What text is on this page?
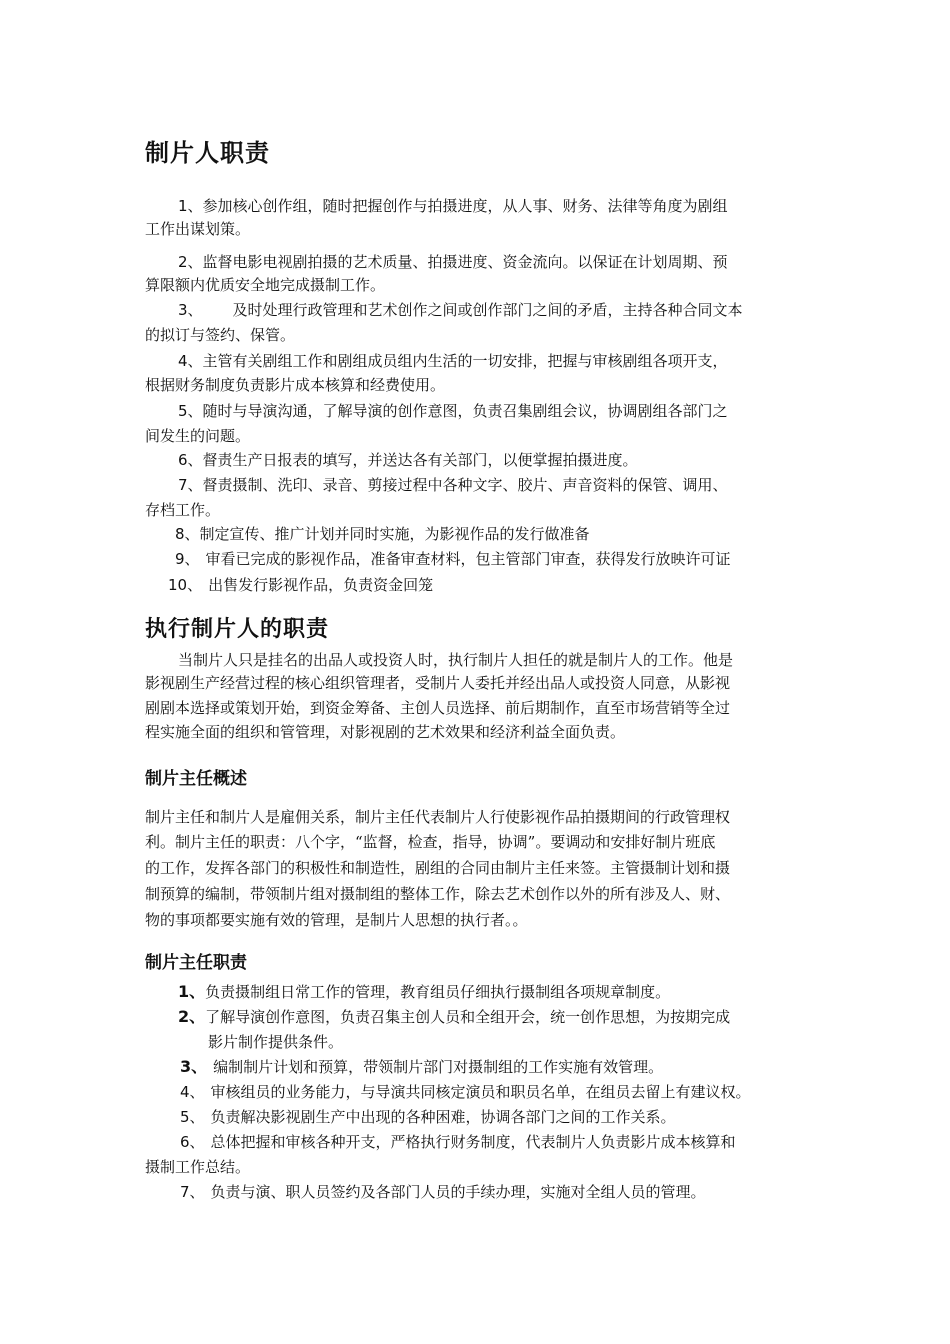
制片人职责
1、参加核心创作组，随时把握创作与拍摄进度，从人事、财务、法律等角度为剧组
工作出谋划策。
2、监督电影电视剧拍摄的艺术质量、拍摄进度、资金流向。以保证在计划周期、预
算限额内优质安全地完成摄制工作。
3、 及时处理行政管理和艺术创作之间或创作部门之间的矛盾，主持各种合同文本
的拟订与签约、保管。
4、主管有关剧组工作和剧组成员组内生活的一切安排，把握与审核剧组各项开支，
根据财务制度负责影片成本核算和经费使用。
5、随时与导演沟通，了解导演的创作意图，负责召集剧组会议，协调剧组各部门之
间发生的问题。
6、督责生产日报表的填写，并送达各有关部门，以便掌握拍摄进度。
7、督责摄制、洗印、录音、剪接过程中各种文字、胶片、声音资料的保管、调用、
存档工作。
8、制定宣传、推广计划并同时实施，为影视作品的发行做准备
9、 审看已完成的影视作品，准备审查材料，包主管部门审查，获得发行放映许可证
10、 出售发行影视作品，负责资金回笼
执行制片人的职责
当制片人只是挂名的出品人或投资人时，执行制片人担任的就是制片人的工作。他是
影视剧生产经营过程的核心组织管理者，受制片人委托并经出品人或投资人同意，从影视
剧剧本选择或策划开始，到资金筹备、主创人员选择、前后期制作，直至市场营销等全过
程实施全面的组织和管管理，对影视剧的艺术效果和经济利益全面负责。
制片主任概述
制片主任和制片人是雇佣关系，制片主任代表制片人行使影视作品拍摄期间的行政管理权
利。制片主任的职责：八个字，“监督，检查，指导，协调”。要调动和安排好制片班底
的工作，发挥各部门的积极性和制造性，剧组的合同由制片主任来签。主管摄制计划和摄
制预算的编制，带领制片组对摄制组的整体工作，除去艺术创作以外的所有涉及人、财、
物的事项都要实施有效的管理，是制片人思想的执行者。。
制片主任职责
1、负责摄制组日常工作的管理，教育组员仔细执行摄制组各项规章制度。
2、了解导演创作意图，负责召集主创人员和全组开会，统一创作思想，为按期完成
影片制作提供条件。
3、 编制制片计划和预算，带领制片部门对摄制组的工作实施有效管理。
4、 审核组员的业务能力，与导演共同核定演员和职员名单，在组员去留上有建议权。
5、 负责解决影视剧生产中出现的各种困难，协调各部门之间的工作关系。
6、 总体把握和审核各种开支，严格执行财务制度，代表制片人负责影片成本核算和
摄制工作总结。
7、 负责与演、职人员签约及各部门人员的手续办理，实施对全组人员的管理。
